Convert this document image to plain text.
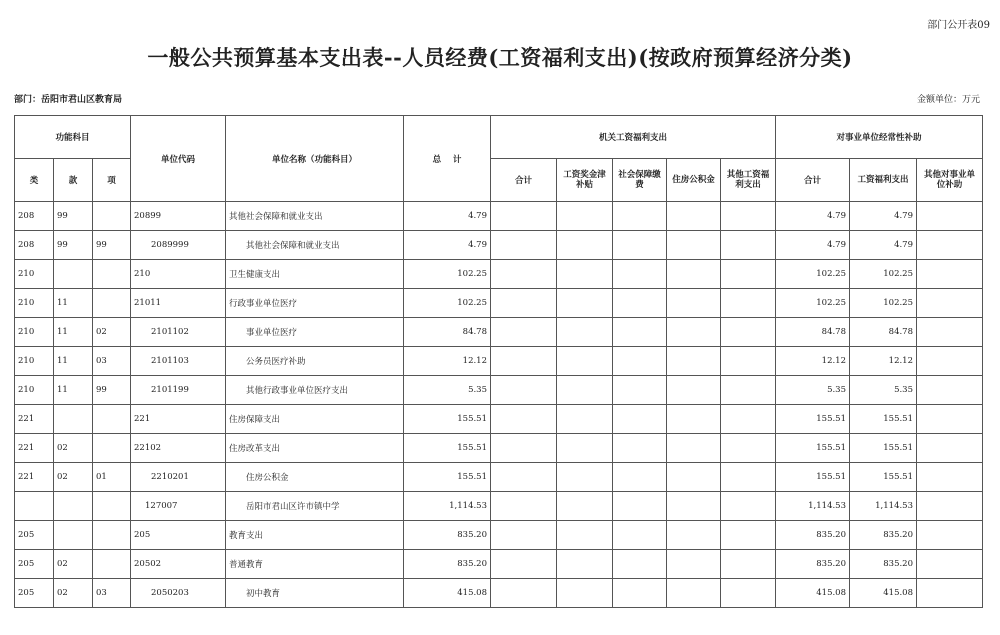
部门公开表09
一般公共预算基本支出表--人员经费(工资福利支出)(按政府预算经济分类)
部门：岳阳市君山区教育局	金额单位：万元
功能科目			单位代码	单位名称（功能科目）	总    计	机关工资福利支出					对事业单位经常性补助		
类	款	项				合计	工资奖金津补贴	社会保障缴费	住房公积金	其他工资福利支出	合计	工资福利支出	其他对事业单位补助
208	99		20899	其他社会保障和就业支出	4.79						4.79	4.79	
208	99	99	2089999	其他社会保障和就业支出	4.79						4.79	4.79	
210			210	卫生健康支出	102.25						102.25	102.25	
210	11		21011	行政事业单位医疗	102.25						102.25	102.25	
210	11	02	2101102	事业单位医疗	84.78						84.78	84.78	
210	11	03	2101103	公务员医疗补助	12.12						12.12	12.12	
210	11	99	2101199	其他行政事业单位医疗支出	5.35						5.35	5.35	
221			221	住房保障支出	155.51						155.51	155.51	
221	02		22102	住房改革支出	155.51						155.51	155.51	
221	02	01	2210201	住房公积金	155.51						155.51	155.51	
			127007	岳阳市君山区许市镇中学	1,114.53						1,114.53	1,114.53	
205			205	教育支出	835.20						835.20	835.20	
205	02		20502	普通教育	835.20						835.20	835.20	
205	02	03	2050203	初中教育	415.08						415.08	415.08	
